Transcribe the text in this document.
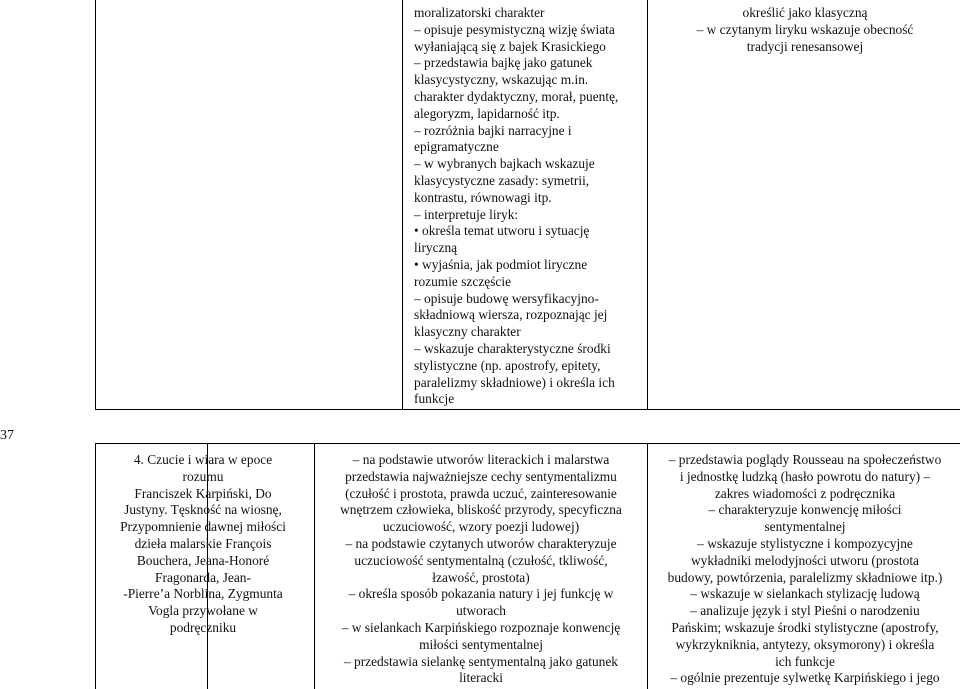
37
moralizatorski charakter
– opisuje pesymistyczną wizję świata
wyłaniającą się z bajek Krasickiego
– przedstawia bajkę jako gatunek
klasycystyczny, wskazując m.in.
charakter dydaktyczny, morał, puentę,
alegoryzm, lapidarność itp.
– rozróżnia bajki narracyjne i
epigramatyczne
– w wybranych bajkach wskazuje
klasycystyczne zasady: symetrii,
kontrastu, równowagi itp.
– interpretuje liryk:
• określa temat utworu i sytuację
liryczną
• wyjaśnia, jak podmiot liryczne
rozumie szczęście
– opisuje budowę wersyfikacyjno-
składniową wiersza, rozpoznając jej
klasyczny charakter
– wskazuje charakterystyczne środki
stylistyczne (np. apostrofy, epitety,
paralelizmy składniowe) i określa ich
funkcje
określić jako klasyczną
– w czytanym liryku wskazuje obecność
tradycji renesansowej
4. Czucie i wiara w epoce
rozumu
Franciszek Karpiński, Do
Justyny. Tęskność na wiosnę,
Przypomnienie dawnej miłości
dzieła malarskie François
Bouchera, Jeana-Honoré
Fragonarda, Jean-
-Pierre’a Norblina, Zygmunta
Vogla przywołane w
podręczniku
– na podstawie utworów literackich i malarstwa
przedstawia najważniejsze cechy sentymentalizmu
(czułość i prostota, prawda uczuć, zainteresowanie
wnętrzem człowieka, bliskość przyrody, specyficzna
uczuciowość, wzory poezji ludowej)
– na podstawie czytanych utworów charakteryzuje
uczuciowość sentymentalną (czułość, tkliwość,
łzawość, prostota)
– określa sposób pokazania natury i jej funkcję w
utworach
– w sielankach Karpińskiego rozpoznaje konwencję
miłości sentymentalnej
– przedstawia sielankę sentymentalną jako gatunek
literacki
– przedstawia poglądy Rousseau na społeczeństwo
i jednostkę ludzką (hasło powrotu do natury) –
zakres wiadomości z podręcznika
– charakteryzuje konwencję miłości
sentymentalnej
– wskazuje stylistyczne i kompozycyjne
wykładniki melodyjności utworu (prostota
budowy, powtórzenia, paralelizmy składniowe itp.)
– wskazuje w sielankach stylizację ludową
– analizuje język i styl Pieśni o narodzeniu
Pańskim; wskazuje środki stylistyczne (apostrofy,
wykrzykniknia, antytezy, oksymorony) i określa
ich funkcje
– ogólnie prezentuje sylwetkę Karpińskiego i jego
